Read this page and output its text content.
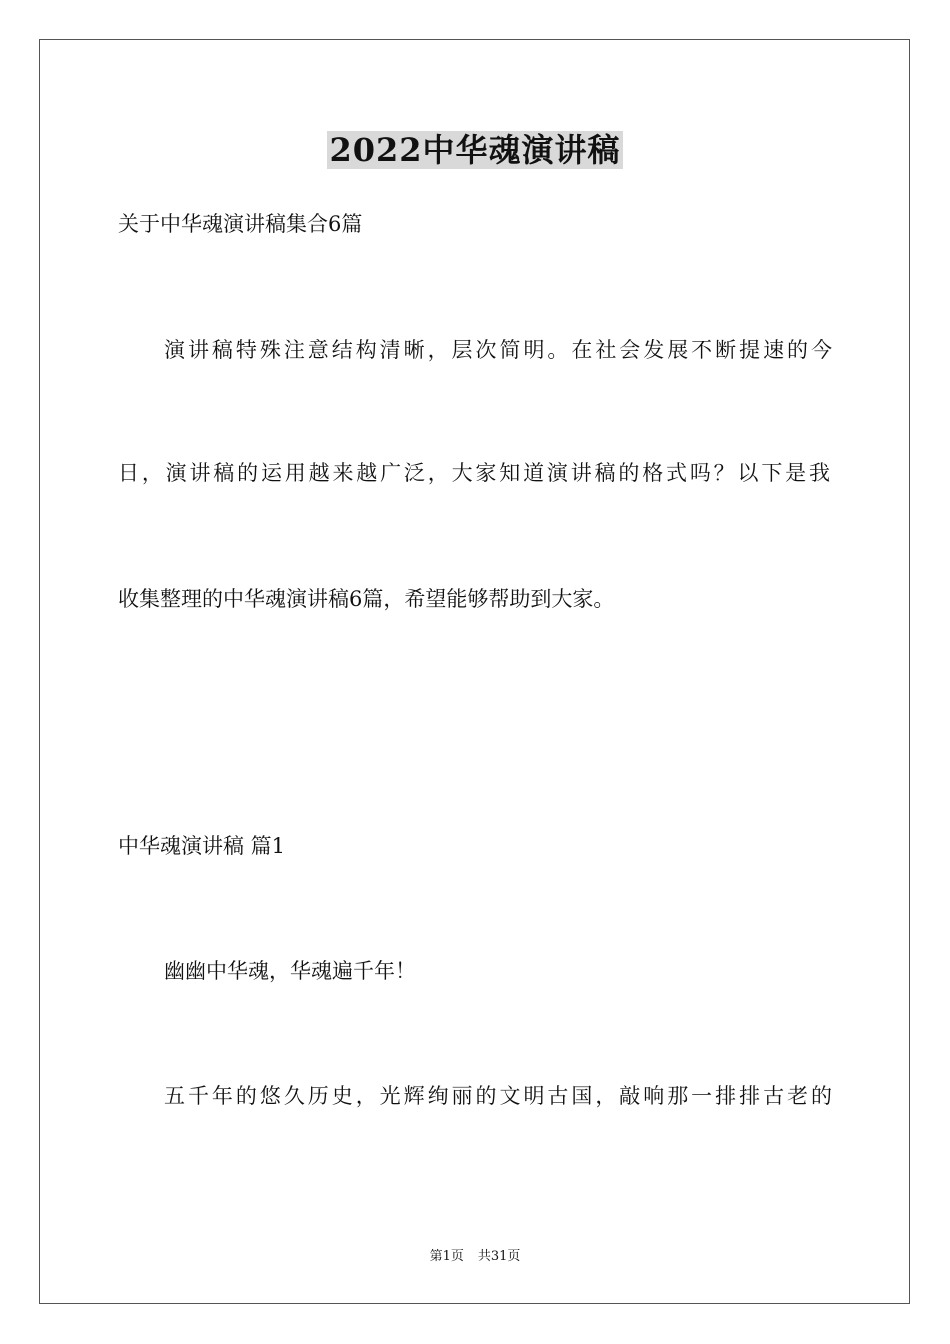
2022中华魂演讲稿

关于中华魂演讲稿集合6篇

演讲稿特殊注意结构清晰，层次简明。在社会发展不断提速的今

日，演讲稿的运用越来越广泛，大家知道演讲稿的格式吗？以下是我

收集整理的中华魂演讲稿6篇，希望能够帮助到大家。

中华魂演讲稿 篇1

幽幽中华魂，华魂遍千年！

五千年的悠久历史，光辉绚丽的文明古国，敲响那一排排古老的

第1页 共31页
